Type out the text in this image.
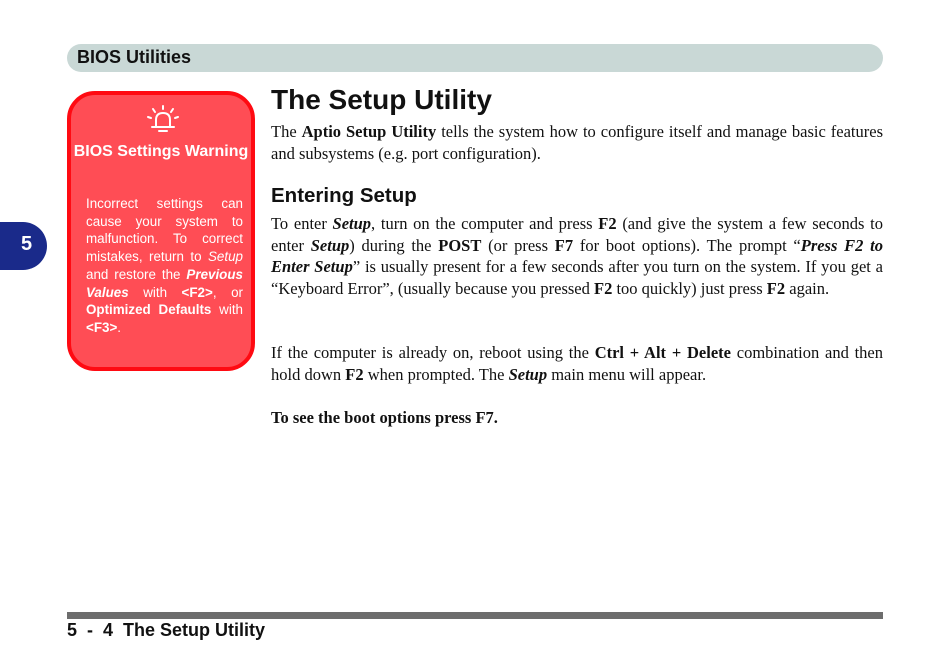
BIOS Utilities
5
BIOS Settings Warning
Incorrect settings can cause your system to malfunction. To correct mistakes, return to Setup and restore the Previous Values with <F2>, or Optimized Defaults with <F3>.
The Setup Utility

The Aptio Setup Utility tells the system how to configure itself and manage basic features and subsystems (e.g. port configuration).

Entering Setup

To enter Setup, turn on the computer and press F2 (and give the system a few seconds to enter Setup) during the POST (or press F7 for boot options). The prompt “Press F2 to Enter Setup” is usually present for a few seconds after you turn on the system. If you get a “Keyboard Error”, (usually because you pressed F2 too quickly) just press F2 again.

If the computer is already on, reboot using the Ctrl + Alt + Delete combination and then hold down F2 when prompted. The Setup main menu will appear.

To see the boot options press F7.

5  -  4  The Setup Utility
